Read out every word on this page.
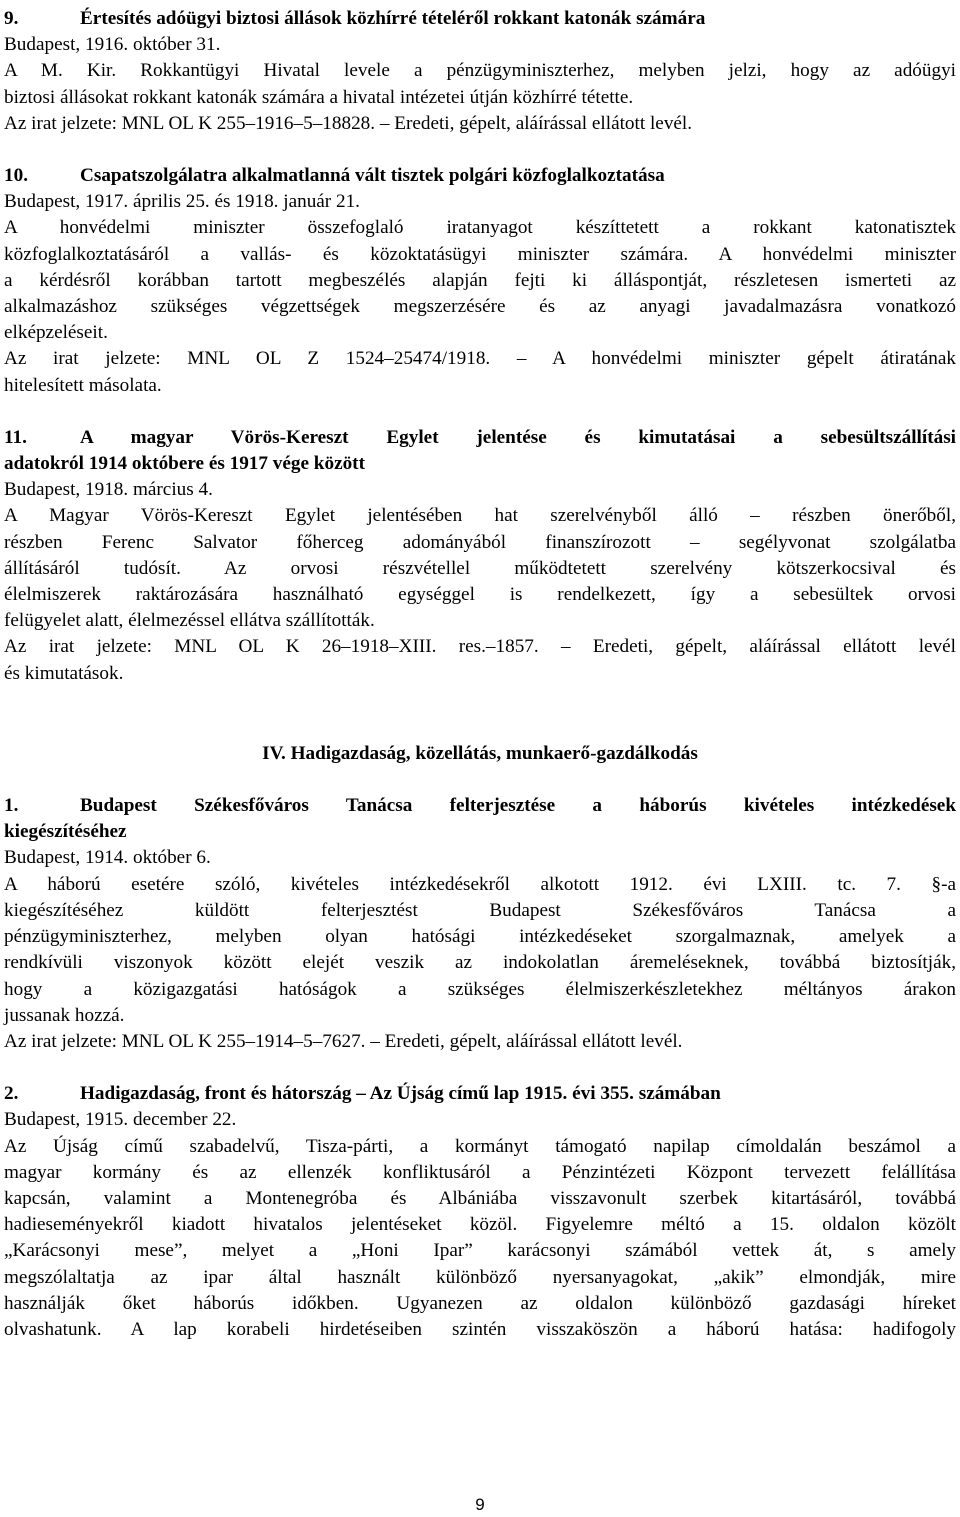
9.	Értesítés adóügyi biztosi állások közhírré tételéről rokkant katonák számára
Budapest, 1916. október 31.
A M. Kir. Rokkantügyi Hivatal levele a pénzügyminiszterhez, melyben jelzi, hogy az adóügyi
biztosi állásokat rokkant katonák számára a hivatal intézetei útján közhírré tétette.
Az irat jelzete: MNL OL K 255–1916–5–18828. – Eredeti, gépelt, aláírással ellátott levél.
10.	Csapatszolgálatra alkalmatlanná vált tisztek polgári közfoglalkoztatása
Budapest, 1917. április 25. és 1918. január 21.
A honvédelmi miniszter összefoglaló iratanyagot készíttetett a rokkant katonatisztek
közfoglalkoztatásáról a vallás- és közoktatásügyi miniszter számára. A honvédelmi miniszter
a kérdésről korábban tartott megbeszélés alapján fejti ki álláspontját, részletesen ismerteti az
alkalmazáshoz szükséges végzettségek megszerzésére és az anyagi javadalmazásra vonatkozó
elképzeléseit.
Az irat jelzete: MNL OL Z 1524–25474/1918. – A honvédelmi miniszter gépelt átiratának
hitelesített másolata.
11.	A magyar Vörös-Kereszt Egylet jelentése és kimutatásai a sebesültszállítási
adatokról 1914 októbere és 1917 vége között
Budapest, 1918. március 4.
A Magyar Vörös-Kereszt Egylet jelentésében hat szerelvényből álló – részben önerőből,
részben Ferenc Salvator főherceg adományából finanszírozott – segélyvonat szolgálatba
állításáról tudósít. Az orvosi részvétellel működtetett szerelvény kötszerkocsival és
élelmiszerek raktározására használható egységgel is rendelkezett, így a sebesültek orvosi
felügyelet alatt, élelmezéssel ellátva szállították.
Az irat jelzete: MNL OL K 26–1918–XIII. res.–1857. – Eredeti, gépelt, aláírással ellátott levél
és kimutatások.
IV. Hadigazdaság, közellátás, munkaerő-gazdálkodás
1.	Budapest Székesfőváros Tanácsa felterjesztése a háborús kivételes intézkedések
kiegészítéséhez
Budapest, 1914. október 6.
A háború esetére szóló, kivételes intézkedésekről alkotott 1912. évi LXIII. tc. 7. §-a
kiegészítéséhez küldött felterjesztést Budapest Székesfőváros Tanácsa a
pénzügyminiszterhez, melyben olyan hatósági intézkedéseket szorgalmaznak, amelyek a
rendkívüli viszonyok között elejét veszik az indokolatlan áremeléseknek, továbbá biztosítják,
hogy a közigazgatási hatóságok a szükséges élelmiszerkészletekhez méltányos árakon
jussanak hozzá.
Az irat jelzete: MNL OL K 255–1914–5–7627. – Eredeti, gépelt, aláírással ellátott levél.
2.	Hadigazdaság, front és hátország – Az Újság című lap 1915. évi 355. számában
Budapest, 1915. december 22.
Az Újság című szabadelvű, Tisza-párti, a kormányt támogató napilap címoldalán beszámol a
magyar kormány és az ellenzék konfliktusáról a Pénzintézeti Központ tervezett felállítása
kapcsán, valamint a Montenegróba és Albániába visszavonult szerbek kitartásáról, továbbá
hadieseményekről kiadott hivatalos jelentéseket közöl. Figyelemre méltó a 15. oldalon közölt
„Karácsonyi mese”, melyet a „Honi Ipar” karácsonyi számából vettek át, s amely
megszólaltatja az ipar által használt különböző nyersanyagokat, „akik” elmondják, mire
használják őket háborús időkben. Ugyanezen az oldalon különböző gazdasági híreket
olvashatunk. A lap korabeli hirdetéseiben szintén visszaköszön a háború hatása: hadifogoly
9
